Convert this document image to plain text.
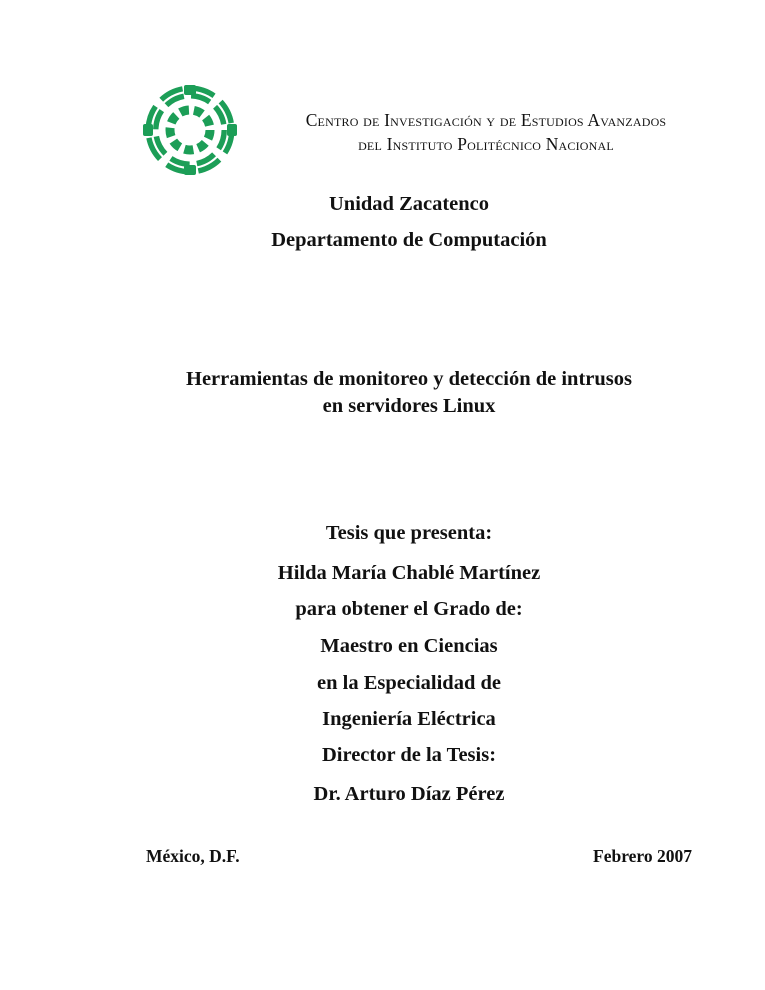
Centro de Investigación y de Estudios Avanzados
del Instituto Politécnico Nacional
Unidad Zacatenco
Departamento de Computación
Herramientas de monitoreo y detección de intrusos
en servidores Linux
Tesis que presenta:
Hilda María Chablé Martínez
para obtener el Grado de:
Maestro en Ciencias
en la Especialidad de
Ingeniería Eléctrica
Director de la Tesis:
Dr. Arturo Díaz Pérez
México, D.F.	Febrero 2007
